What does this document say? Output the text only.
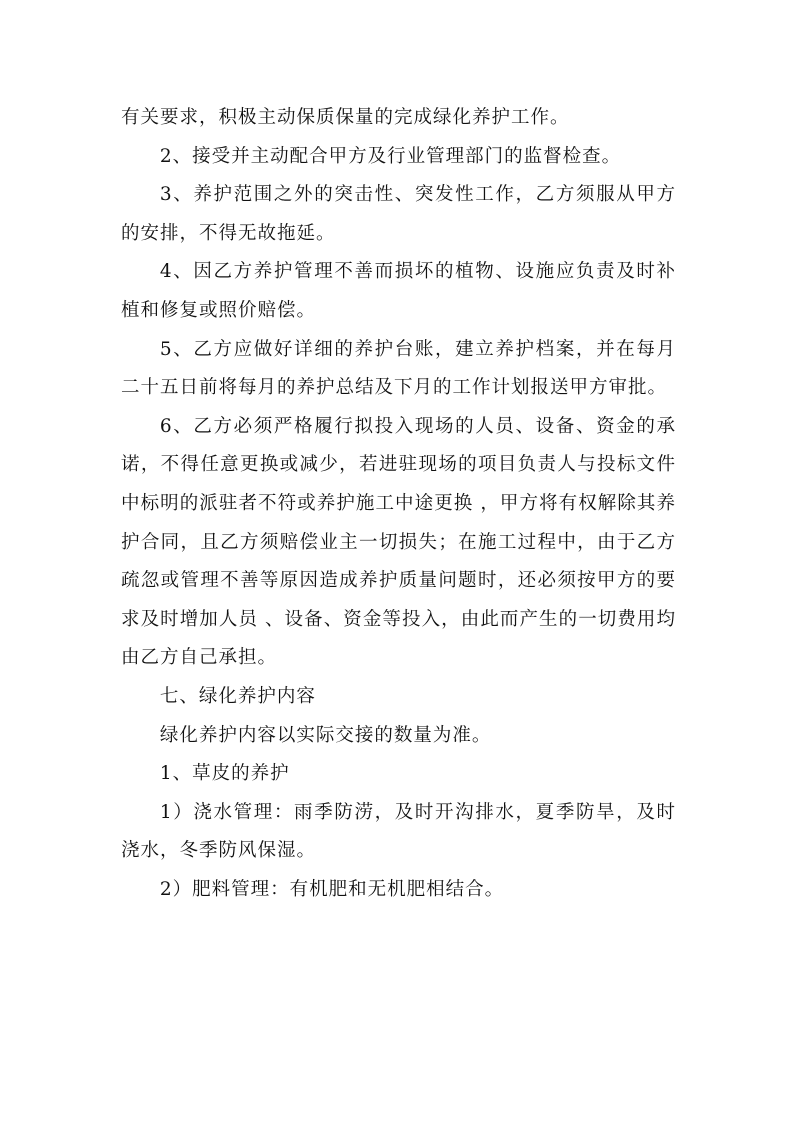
有关要求，积极主动保质保量的完成绿化养护工作。

2、接受并主动配合甲方及行业管理部门的监督检查。

3、养护范围之外的突击性、突发性工作，乙方须服从甲方的安排，不得无故拖延。

4、因乙方养护管理不善而损坏的植物、设施应负责及时补植和修复或照价赔偿。

5、乙方应做好详细的养护台账，建立养护档案，并在每月二十五日前将每月的养护总结及下月的工作计划报送甲方审批。

6、乙方必须严格履行拟投入现场的人员、设备、资金的承诺，不得任意更换或减少，若进驻现场的项目负责人与投标文件中标明的派驻者不符或养护施工中途更换 ，甲方将有权解除其养护合同，且乙方须赔偿业主一切损失；在施工过程中，由于乙方疏忽或管理不善等原因造成养护质量问题时，还必须按甲方的要求及时增加人员 、设备、资金等投入，由此而产生的一切费用均由乙方自己承担。

七、绿化养护内容

绿化养护内容以实际交接的数量为准。

1、草皮的养护

1）浇水管理：雨季防涝，及时开沟排水，夏季防旱，及时浇水，冬季防风保湿。

2）肥料管理：有机肥和无机肥相结合。
